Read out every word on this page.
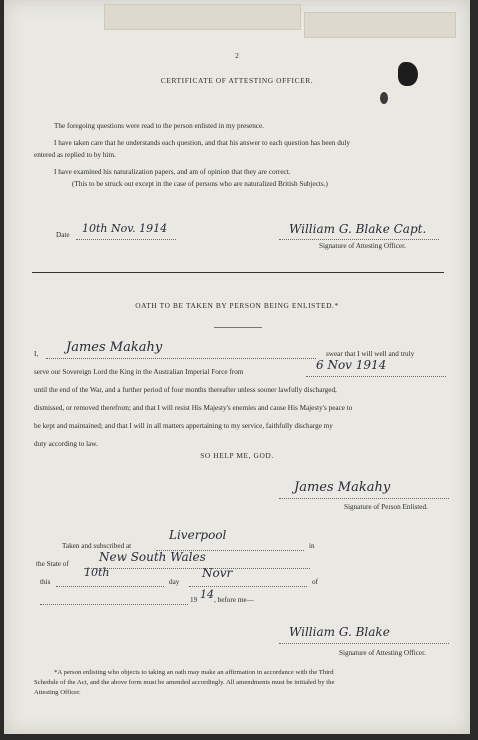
2
CERTIFICATE OF ATTESTING OFFICER.
The foregoing questions were read to the person enlisted in my presence.
I have taken care that he understands each question, and that his answer to each question has been duly
entered as replied to by him.
I have examined his naturalization papers, and am of opinion that they are correct.
(This to be struck out except in the case of persons who are naturalized British Subjects.)
Date 10th Nov. 1914	William G. Blake Capt.
Signature of Attesting Officer.
OATH TO BE TAKEN BY PERSON BEING ENLISTED.*
I, James Makahy	swear that I will well and truly
serve our Sovereign Lord the King in the Australian Imperial Force from	6 Nov 1914
until the end of the War, and a further period of four months thereafter unless sooner lawfully discharged,
dismissed, or removed therefrom; and that I will resist His Majesty's enemies and cause His Majesty's peace to
be kept and maintained; and that I will in all matters appertaining to my service, faithfully discharge my
duty according to law.
SO HELP ME, GOD.
James Makahy
Signature of Person Enlisted.
Taken and subscribed at
Liverpool
in
the State of	New South Wales
this
10th
day
Novr
of
19 14 , before me—
William G. Blake
Signature of Attesting Officer.
*A person enlisting who objects to taking an oath may make an affirmation in accordance with the Third
Schedule of the Act, and the above form must be amended accordingly. All amendments must be initialed by the
Attesting Officer.
